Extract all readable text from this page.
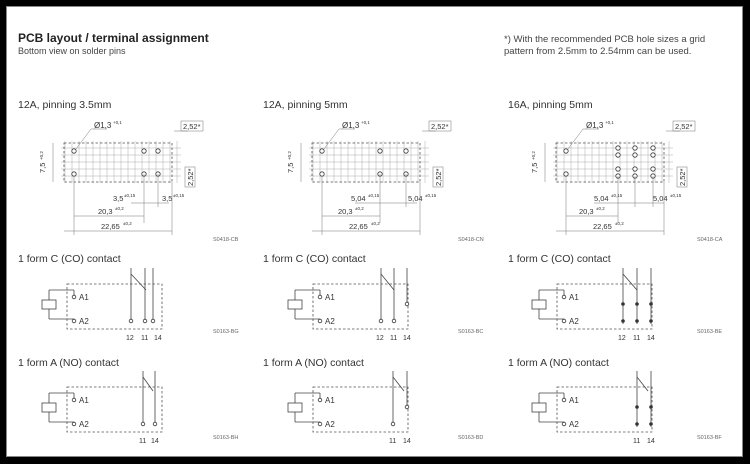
PCB layout / terminal assignment
Bottom view on solder pins
*) With the recommended PCB hole sizes a grid pattern from 2.5mm to 2.54mm can be used.
12A, pinning 3.5mm	12A, pinning 5mm	16A, pinning 5mm
Ø1,3 +0,1	2,52*
2,52*
7,5
+0,2
3,5 ±0,15	3,5 ±0,15
20,3 ±0,2
22,65 ±0,2
S0418-CB
Ø1,3 +0,1	2,52*
2,52*
7,5
+0,2
5,04 ±0,15	5,04 ±0,15
20,3 ±0,2
22,65 ±0,2
S0418-CN
Ø1,3 +0,1	2,52*
2,52*
7,5
+0,2
5,04 ±0,15	5,04 ±0,15
20,3 ±0,2
22,65 ±0,2
S0418-CA
1 form C (CO) contact	1 form C (CO) contact	1 form C (CO) contact
A1
A2
12 11 14
S0163-BG
A1
A2
12 11 14
S0163-BC
A1
A2
12 11 14
S0163-BE
1 form A (NO) contact	1 form A (NO) contact	1 form A (NO) contact
A1
A2
11 14	S0163-BH
A1
A2
11 14	S0163-BD
A1
A2
11 14	S0163-BF
